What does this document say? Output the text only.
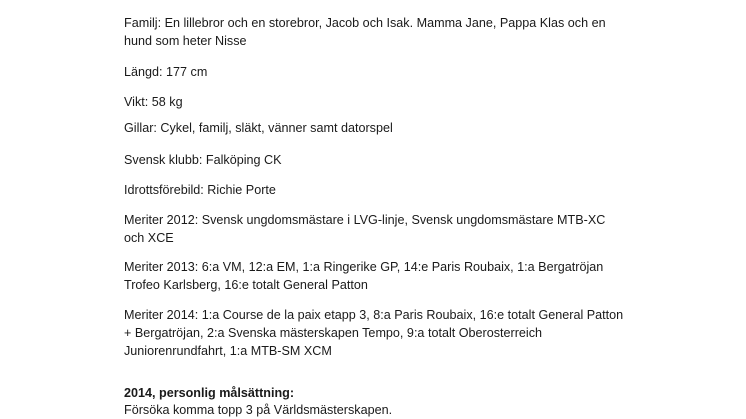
Familj: En lillebror och en storebror, Jacob och Isak. Mamma Jane, Pappa Klas och en hund som heter Nisse

Längd: 177 cm

Vikt: 58 kg

Gillar: Cykel, familj, släkt, vänner samt datorspel

Svensk klubb: Falköping CK

Idrottsförebild: Richie Porte

Meriter 2012: Svensk ungdomsmästare i LVG-linje, Svensk ungdomsmästare MTB-XC och XCE

Meriter 2013: 6:a VM, 12:a EM, 1:a Ringerike GP, 14:e Paris Roubaix, 1:a Bergatröjan Trofeo Karlsberg, 16:e totalt General Patton

Meriter 2014: 1:a Course de la paix etapp 3, 8:a Paris Roubaix, 16:e totalt General Patton + Bergatröjan, 2:a Svenska mästerskapen Tempo, 9:a totalt Oberosterreich Juniorenrundfahrt, 1:a MTB-SM XCM

2014, personlig målsättning:

Försöka komma topp 3 på Världsmästerskapen.
